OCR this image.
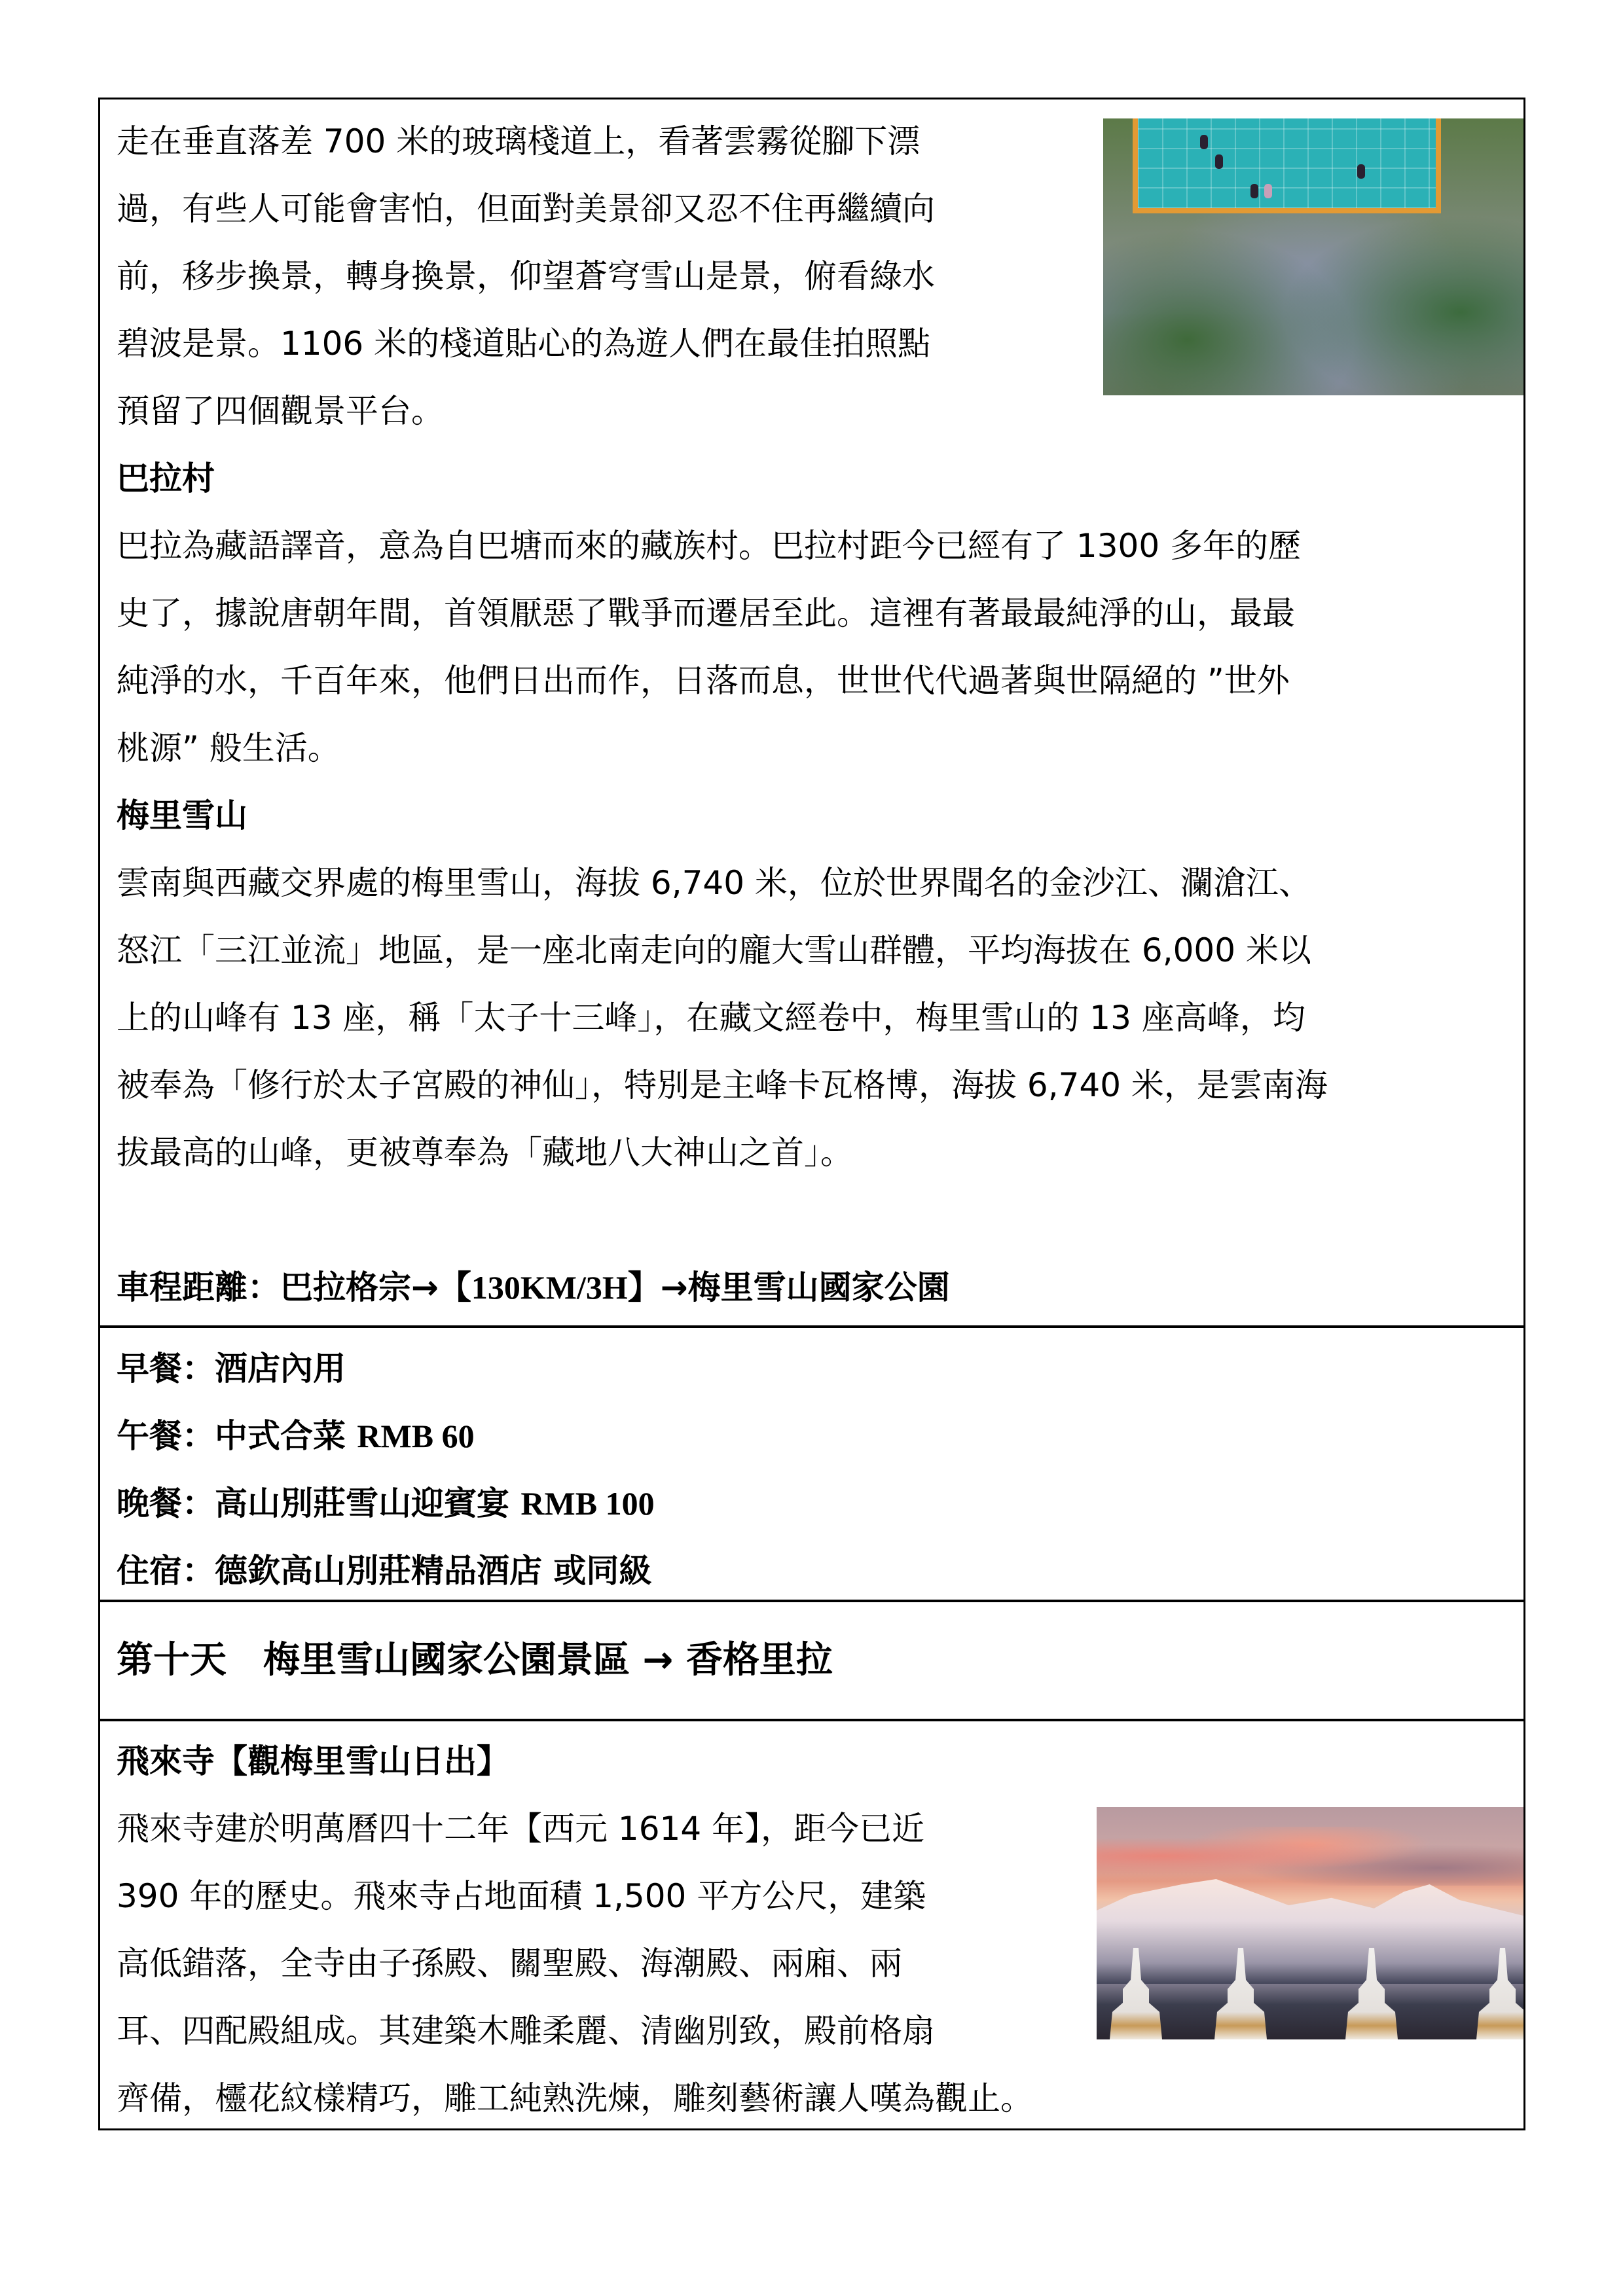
走在垂直落差 700 米的玻璃棧道上，看著雲霧從腳下漂
過，有些人可能會害怕，但面對美景卻又忍不住再繼續向
前，移步換景，轉身換景，仰望蒼穹雪山是景，俯看綠水
碧波是景。1106 米的棧道貼心的為遊人們在最佳拍照點
預留了四個觀景平台。
巴拉村
巴拉為藏語譯音，意為自巴塘而來的藏族村。巴拉村距今已經有了 1300 多年的歷
史了，據說唐朝年間，首領厭惡了戰爭而遷居至此。這裡有著最最純淨的山，最最
純淨的水，千百年來，他們日出而作，日落而息，世世代代過著與世隔絕的 ”世外
桃源” 般生活。
梅里雪山
雲南與西藏交界處的梅里雪山，海拔 6,740 米，位於世界聞名的金沙江、瀾滄江、
怒江「三江並流」地區，是一座北南走向的龐大雪山群體，平均海拔在 6,000 米以
上的山峰有 13 座，稱「太子十三峰」，在藏文經卷中，梅里雪山的 13 座高峰，均
被奉為「修行於太子宮殿的神仙」，特別是主峰卡瓦格博，海拔 6,740 米，是雲南海
拔最高的山峰，更被尊奉為「藏地八大神山之首」。
車程距離：巴拉格宗→【130KM/3H】→梅里雪山國家公園
早餐：酒店內用
午餐：中式合菜 RMB 60
晚餐：高山別莊雪山迎賓宴 RMB 100
住宿：德欽高山別莊精品酒店 或同級
第十天　梅里雪山國家公園景區 → 香格里拉
飛來寺【觀梅里雪山日出】
飛來寺建於明萬曆四十二年【西元 1614 年】，距今已近
390 年的歷史。飛來寺占地面積 1,500 平方公尺，建築
高低錯落，全寺由子孫殿、關聖殿、海潮殿、兩廂、兩
耳、四配殿組成。其建築木雕柔麗、清幽別致，殿前格扇
齊備，欞花紋樣精巧，雕工純熟洗煉，雕刻藝術讓人嘆為觀止。
